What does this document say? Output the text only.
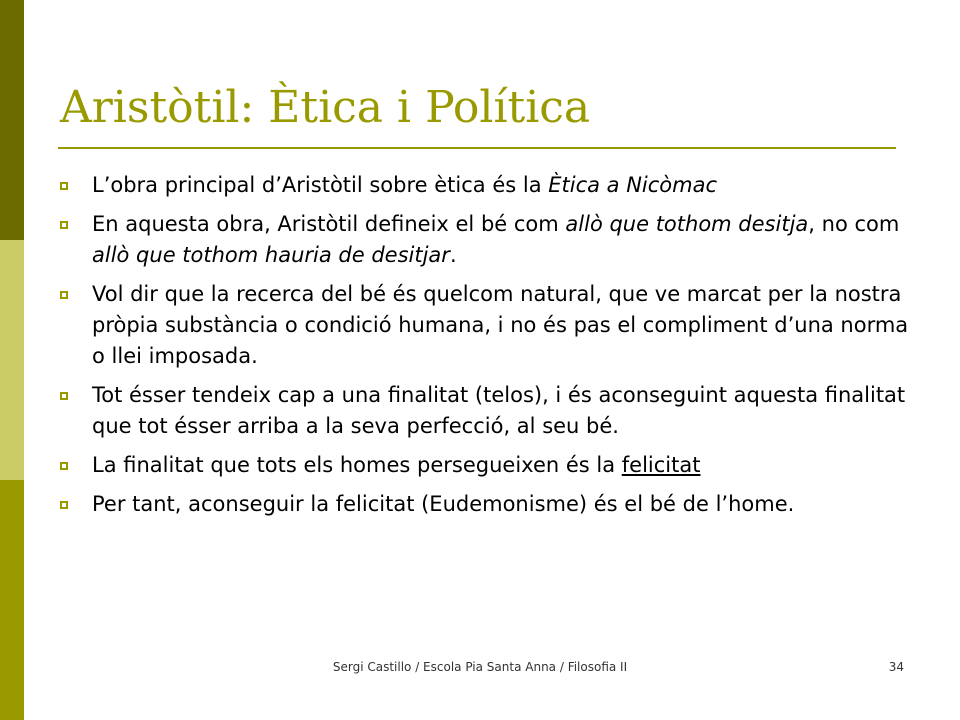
Aristòtil: Ètica i Política
L’obra principal d’Aristòtil sobre ètica és la Ètica a Nicòmac
En aquesta obra, Aristòtil defineix el bé com allò que tothom desitja, no com allò que tothom hauria de desitjar.
Vol dir que la recerca del bé és quelcom natural, que ve marcat per la nostra pròpia substància o condició humana, i no és pas el compliment d’una norma o llei imposada.
Tot ésser tendeix cap a una finalitat (telos), i és aconseguint aquesta finalitat que tot ésser arriba a la seva perfecció, al seu bé.
La finalitat que tots els homes persegueixen és la felicitat
Per tant, aconseguir la felicitat (Eudemonisme) és el bé de l’home.
Sergi Castillo / Escola Pia Santa Anna / Filosofia II	34
